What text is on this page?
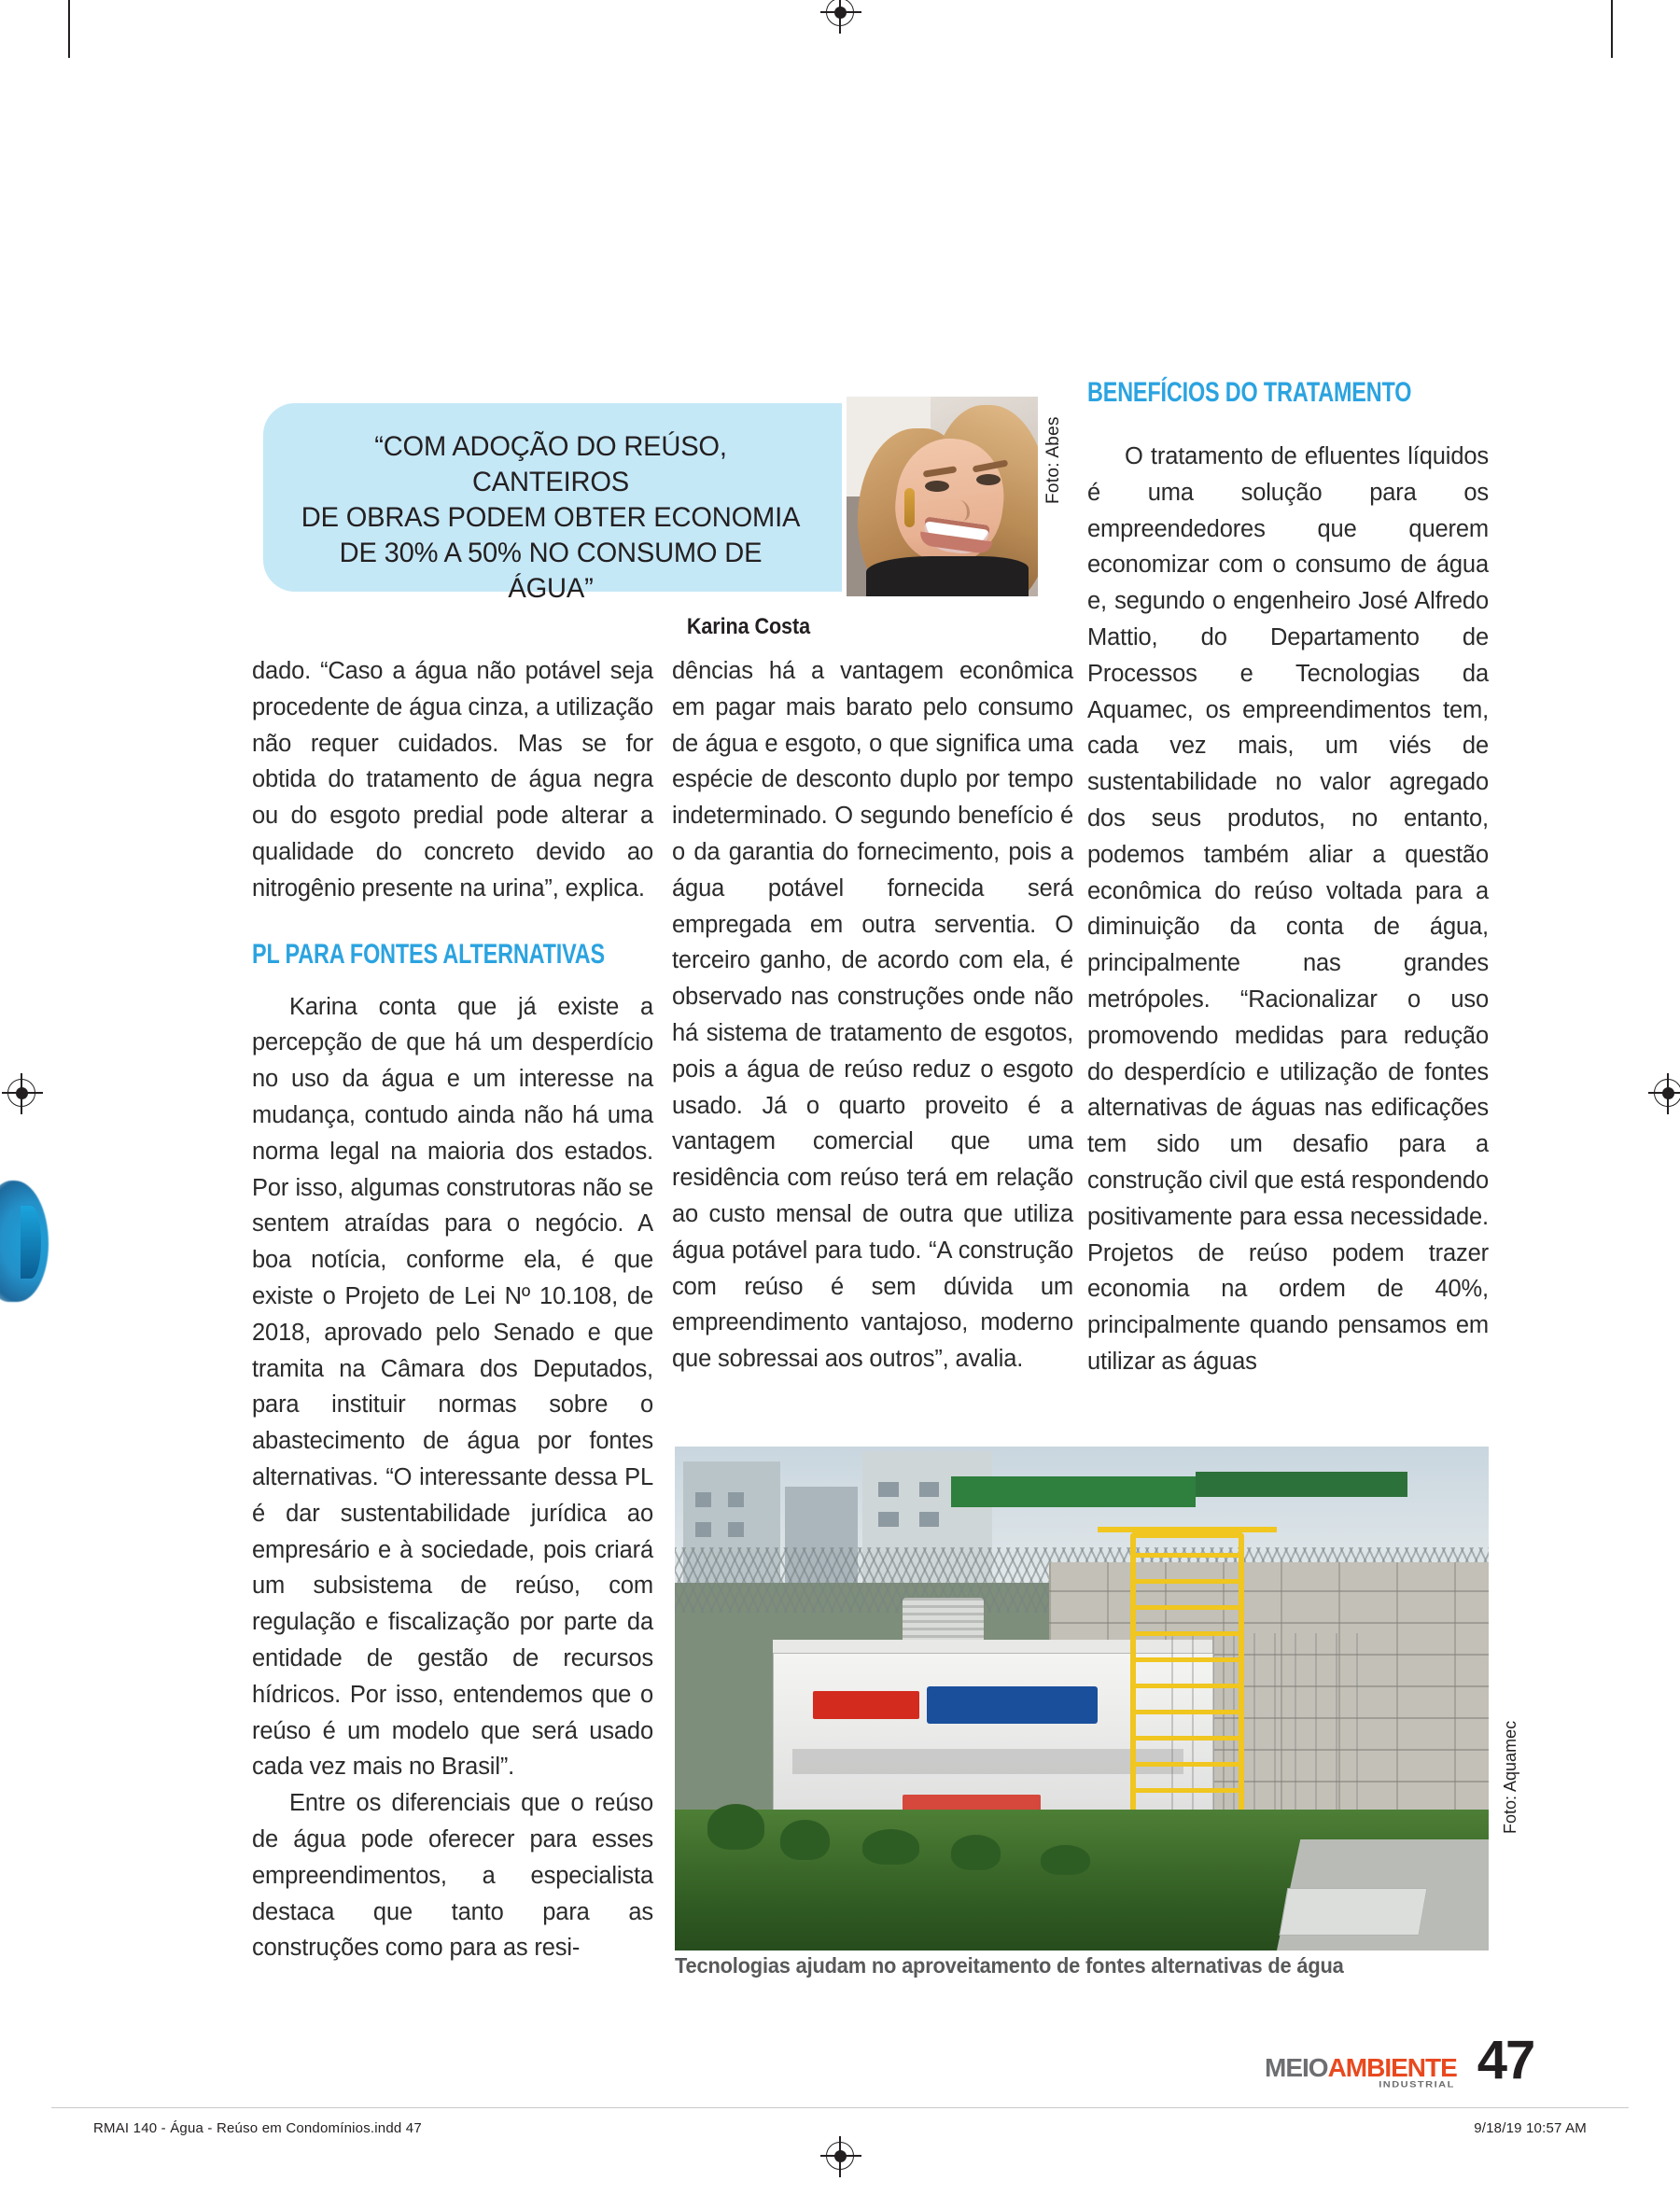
“COM ADOÇÃO DO REÚSO, CANTEIROS
DE OBRAS PODEM OBTER ECONOMIA
DE 30% A 50% NO CONSUMO DE ÁGUA”
Karina Costa
Foto: Abes

dado. “Caso a água não potável seja procedente de água cinza, a utilização não requer cuidados. Mas se for obtida do tratamento de água negra ou do esgoto predial pode alterar a qualidade do concreto devido ao nitrogênio presente na urina”, explica.

PL PARA FONTES ALTERNATIVAS

Karina conta que já existe a percepção de que há um desperdício no uso da água e um interesse na mudança, contudo ainda não há uma norma legal na maioria dos estados. Por isso, algumas construtoras não se sentem atraídas para o negócio. A boa notícia, conforme ela, é que existe o Projeto de Lei Nº 10.108, de 2018, aprovado pelo Senado e que tramita na Câmara dos Deputados, para instituir normas sobre o abastecimento de água por fontes alternativas. “O interessante dessa PL é dar sustentabilidade jurídica ao empresário e à sociedade, pois criará um subsistema de reúso, com regulação e fiscalização por parte da entidade de gestão de recursos hídricos. Por isso, entendemos que o reúso é um modelo que será usado cada vez mais no Brasil”.

Entre os diferenciais que o reúso de água pode oferecer para esses empreendimentos, a especialista destaca que tanto para as construções como para as resi-

dências há a vantagem econômica em pagar mais barato pelo consumo de água e esgoto, o que significa uma espécie de desconto duplo por tempo indeterminado. O segundo benefício é o da garantia do fornecimento, pois a água potável fornecida será empregada em outra serventia. O terceiro ganho, de acordo com ela, é observado nas construções onde não há sistema de tratamento de esgotos, pois a água de reúso reduz o esgoto usado. Já o quarto proveito é a vantagem comercial que uma residência com reúso terá em relação ao custo mensal de outra que utiliza água potável para tudo. “A construção com reúso é sem dúvida um empreendimento vantajoso, moderno que sobressai aos outros”, avalia.

BENEFÍCIOS DO TRATAMENTO

O tratamento de efluentes líquidos é uma solução para os empreendedores que querem economizar com o consumo de água e, segundo o engenheiro José Alfredo Mattio, do Departamento de Processos e Tecnologias da Aquamec, os empreendimentos tem, cada vez mais, um viés de sustentabilidade no valor agregado dos seus produtos, no entanto, podemos também aliar a questão econômica do reúso voltada para a diminuição da conta de água, principalmente nas grandes metrópoles. “Racionalizar o uso promovendo medidas para redução do desperdício e utilização de fontes alternativas de águas nas edificações tem sido um desafio para a construção civil que está respondendo positivamente para essa necessidade. Projetos de reúso podem trazer economia na ordem de 40%, principalmente quando pensamos em utilizar as águas

Foto: Aquamec
Tecnologias ajudam no aproveitamento de fontes alternativas de água
MEIOAMBIENTE
INDUSTRIAL 47
RMAI 140 - Água - Reúso em Condomínios.indd 47	9/18/19 10:57 AM
